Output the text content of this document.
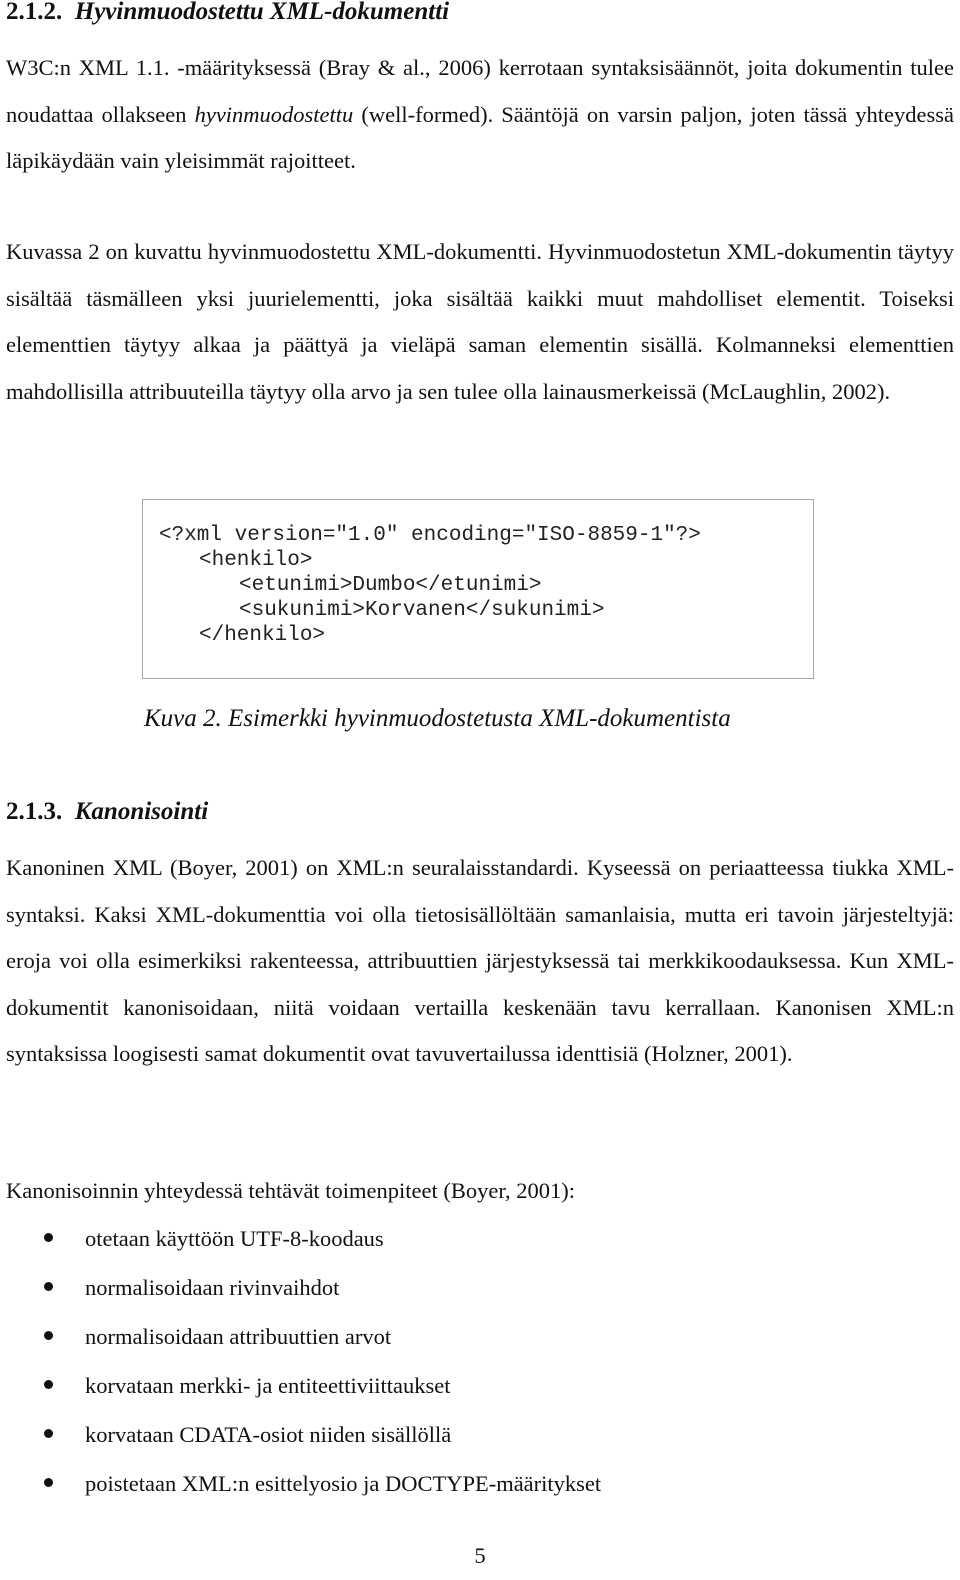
2.1.2. Hyvinmuodostettu XML-dokumentti

W3C:n XML 1.1. -määrityksessä (Bray & al., 2006) kerrotaan syntaksisäännöt, joita dokumentin tulee noudattaa ollakseen hyvinmuodostettu (well-formed). Sääntöjä on varsin paljon, joten tässä yhteydessä läpikäydään vain yleisimmät rajoitteet.

Kuvassa 2 on kuvattu hyvinmuodostettu XML-dokumentti. Hyvinmuodostetun XML-dokumentin täytyy sisältää täsmälleen yksi juurielementti, joka sisältää kaikki muut mahdolliset elementit. Toiseksi elementtien täytyy alkaa ja päättyä ja vieläpä saman elementin sisällä. Kolmanneksi elementtien mahdollisilla attribuuteilla täytyy olla arvo ja sen tulee olla lainausmerkeissä (McLaughlin, 2002).

<?xml version="1.0" encoding="ISO-8859-1"?>
<henkilo>
<etunimi>Dumbo</etunimi>
<sukunimi>Korvanen</sukunimi>
</henkilo>
Kuva 2. Esimerkki hyvinmuodostetusta XML-dokumentista
2.1.3. Kanonisointi

Kanoninen XML (Boyer, 2001) on XML:n seuralaisstandardi. Kyseessä on periaatteessa tiukka XML-syntaksi. Kaksi XML-dokumenttia voi olla tietosisällöltään samanlaisia, mutta eri tavoin järjesteltyjä: eroja voi olla esimerkiksi rakenteessa, attribuuttien järjestyksessä tai merkkikoodauksessa. Kun XML-dokumentit kanonisoidaan, niitä voidaan vertailla keskenään tavu kerrallaan. Kanonisen XML:n syntaksissa loogisesti samat dokumentit ovat tavuvertailussa identtisiä (Holzner, 2001).

Kanonisoinnin yhteydessä tehtävät toimenpiteet (Boyer, 2001):

otetaan käyttöön UTF-8-koodaus
normalisoidaan rivinvaihdot
normalisoidaan attribuuttien arvot
korvataan merkki- ja entiteettiviittaukset
korvataan CDATA-osiot niiden sisällöllä
poistetaan XML:n esittelyosio ja DOCTYPE-määritykset
5
